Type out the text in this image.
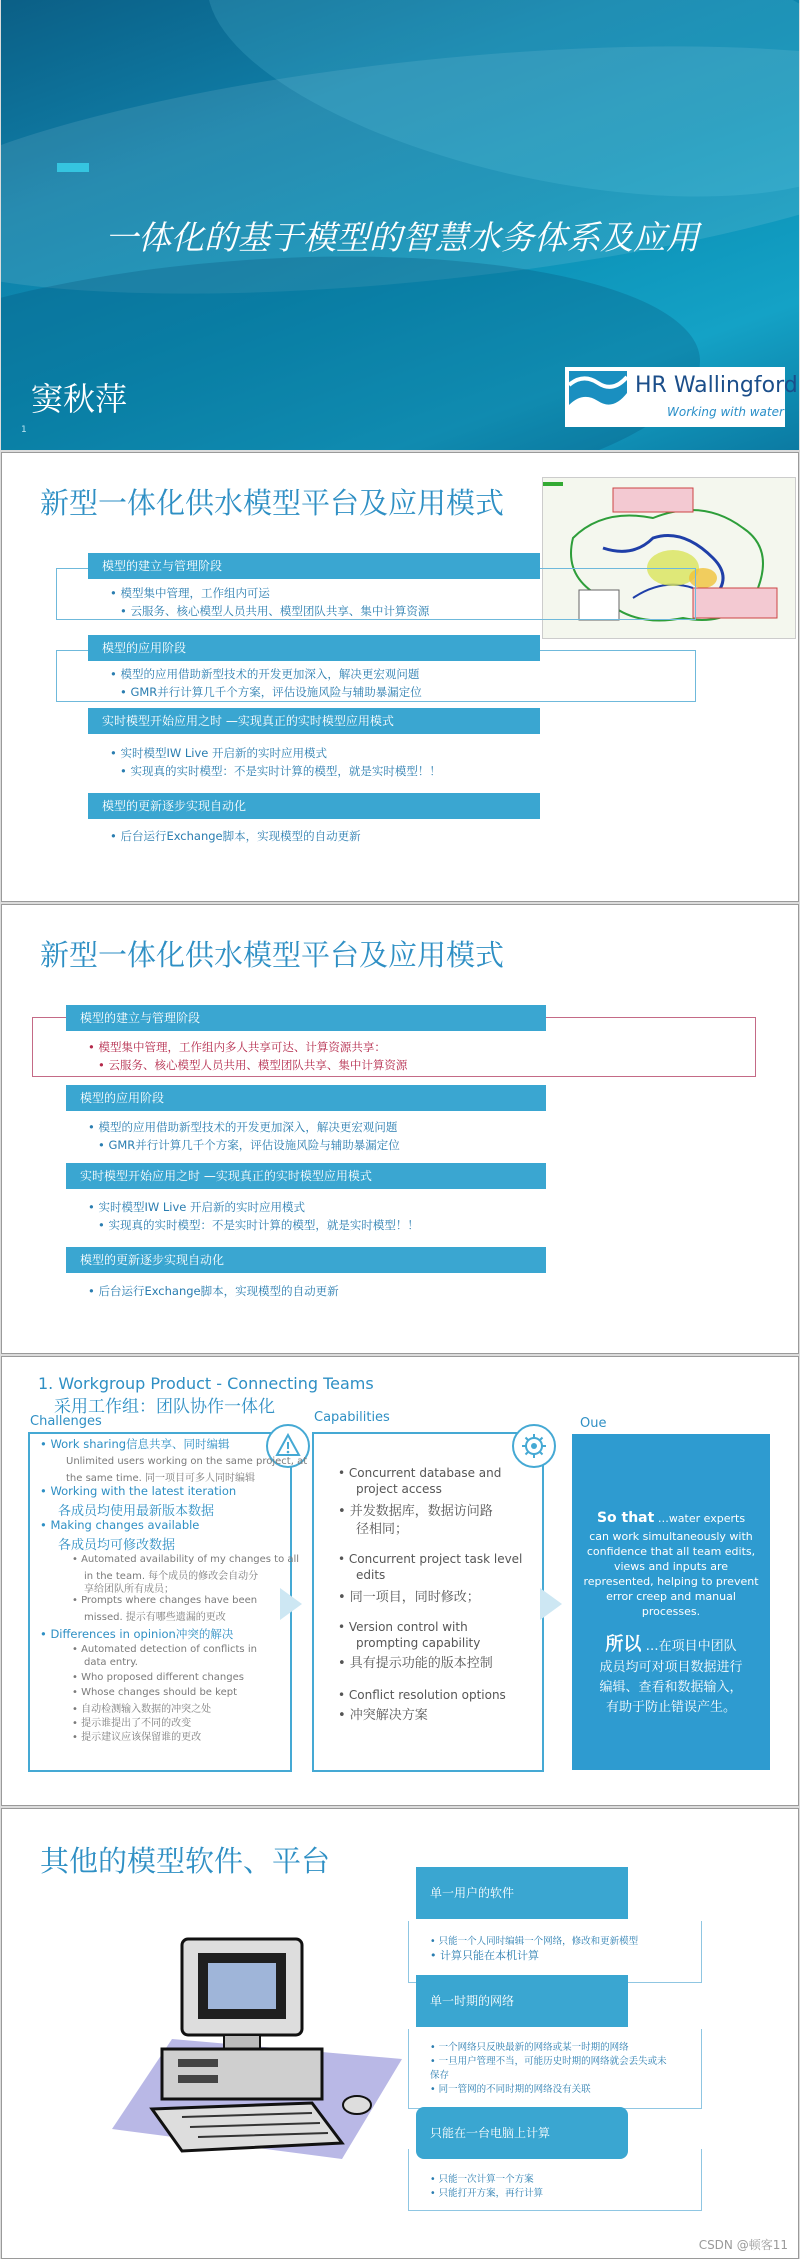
一体化的基于模型的智慧水务体系及应用
窦秋萍
1
HR Wallingford
Working with water
新型一体化供水模型平台及应用模式
模型的建立与管理阶段
• 模型集中管理，工作组内可运
• 云服务、核心模型人员共用、模型团队共享、集中计算资源
模型的应用阶段
• 模型的应用借助新型技术的开发更加深入，解决更宏观问题
• GMR并行计算几千个方案，评估设施风险与辅助暴漏定位
实时模型开始应用之时 —实现真正的实时模型应用模式
• 实时模型IW Live 开启新的实时应用模式
• 实现真的实时模型：不是实时计算的模型，就是实时模型！！
模型的更新逐步实现自动化
• 后台运行Exchange脚本，实现模型的自动更新
新型一体化供水模型平台及应用模式
模型的建立与管理阶段
• 模型集中管理，工作组内多人共享可达、计算资源共享：
• 云服务、核心模型人员共用、模型团队共享、集中计算资源
模型的应用阶段
• 模型的应用借助新型技术的开发更加深入，解决更宏观问题
• GMR并行计算几千个方案，评估设施风险与辅助暴漏定位
实时模型开始应用之时 —实现真正的实时模型应用模式
• 实时模型IW Live 开启新的实时应用模式
• 实现真的实时模型：不是实时计算的模型，就是实时模型！！
模型的更新逐步实现自动化
• 后台运行Exchange脚本，实现模型的自动更新
1. Workgroup Product - Connecting Teams
采用工作组：团队协作一体化
Challenges	Capabilities	Oue
• Work sharing信息共享、同时编辑
Unlimited users working on the same project, at
the same time. 同一项目可多人同时编辑
• Working with the latest iteration
各成员均使用最新版本数据
• Making changes available
各成员均可修改数据
• Automated availability of my changes to all
in the team. 每个成员的修改会自动分
享给团队所有成员；
• Prompts where changes have been
missed. 提示有哪些遗漏的更改
• Differences in opinion冲突的解决
• Automated detection of conflicts in
data entry.
• Who proposed different changes
• Whose changes should be kept
• 自动检测输入数据的冲突之处
• 提示谁提出了不同的改变
• 提示建议应该保留谁的更改
• Concurrent database and
project access
• 并发数据库，数据访问路
径相同；
• Concurrent project task level
edits
• 同一项目，同时修改；
• Version control with
prompting capability
• 具有提示功能的版本控制
• Conflict resolution options
• 冲突解决方案
So that …water experts
can work simultaneously with
confidence that all team edits,
views and inputs are
represented, helping to prevent
error creep and manual
processes.
所以 …在项目中团队
成员均可对项目数据进行
编辑、查看和数据输入，
有助于防止错误产生。
其他的模型软件、平台
单一用户的软件
• 只能一个人同时编辑一个网络，修改和更新模型
• 计算只能在本机计算
单一时期的网络
• 一个网络只反映最新的网络或某一时期的网络
• 一旦用户管理不当，可能历史时期的网络就会丢失或未
保存
• 同一管网的不同时期的网络没有关联
只能在一台电脑上计算
• 只能一次计算一个方案
• 只能打开方案，再行计算
CSDN @顿客11
